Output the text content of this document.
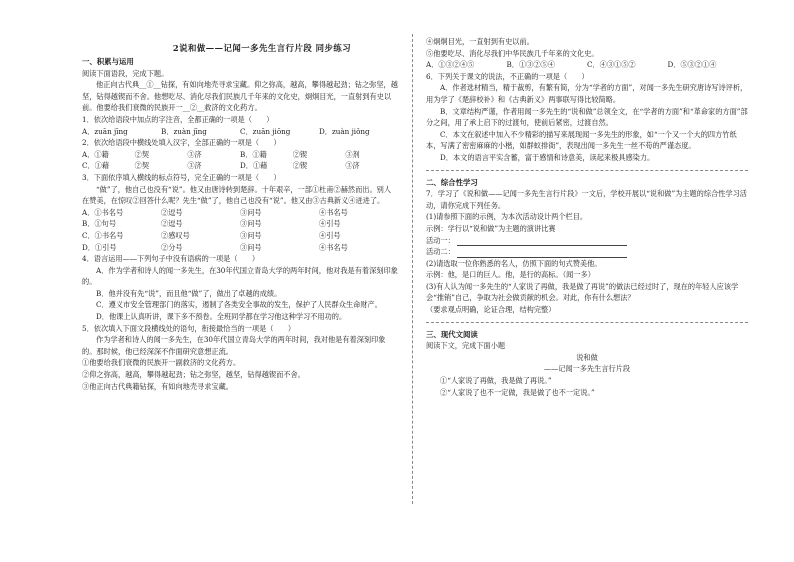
2说和做——记闻一多先生言行片段 同步练习

一、积累与运用

阅读下面语段，完成下题。

他正向古代典__①__钻探，有如向地壳寻求宝藏。仰之弥高，越高，攀得越起劲；钻之弥坚，越坚，钻得越锲而不舍。他想吃尽、消化尽我们民族几千年来的文化史，炯烔目光，一直射到有史以前。他要给我们衰微的民族开一__②__救济的文化药方。

1．依次给语段中加点的字注音，全都正确的一项是（　　）

A．zuān jīng	B．zuàn jīng	C．zuān jiōng	D．zuàn jiǒng

2．依次给语段中横线处填入汉字，全部正确的一项是（　　）

A．①籍	②契	③济	B．①籍	②锲	③剂
C．①藉	②契	③济	D．①藉	②锲	③济

3．下面依序填入横线的标点符号，完全正确的一项是（　　）

“做”了，他自己也没有“说”。他又由唐诗转到楚辞。十年艰辛，一部①杜甫②赫然而出。别人在赞美，在惊叹②回答什么呢？先生“做”了，他自己也没有“说”。他又由③古典新义④迸进了。

A．①书名号	②逗号	③问号	④书名号
B．①句号	②逗号	③问号	④引号
C．①书名号	②感叹号	③问号	④引号
D．①引号	②分号	③问号	④书名号

4．语言运用——下列句子中没有语病的一项是（　　）

A．作为学者和诗人的闻一多先生，在30年代国立青岛大学的两年时间，他对我是有着深刻印象的。

B．他并没有先“说”，而且他“做”了，做出了卓越的成绩。

C．遵义市安全管理部门的落实，遏制了各类安全事故的发生，保护了人民群众生命财产。

D．他课上认真听讲，课下多不预卷。全班同学都在学习他这种学习不用功的。

5．依次填入下面文段横线处的语句，衔接最恰当的一项是（　　）

作为学者和诗人的闻一多先生，在30年代国立青岛大学的两年时间，我对他是有着深刻印象的。那时候，他已经深深不作面研究意想正流。

①他要给我们衰微的民族开一副救济的文化药方。

②仰之弥高，越高，攀得越起劲；钻之弥坚，越坚，钻得越锲而不舍。

③他正向古代典籍钻探，有如向地壳寻求宝藏。

④炯烔目光，一直射到有史以前。

⑤他要吃尽、消化尽我们中华民族几千年来的文化史。

A．①③②④⑤	B．①③②⑤④	C．④③①⑤②	D．⑤③②①④

6．下列关于课文的说法，不正确的一项是（　　）

A．作者选材精当，精于裁剪，有繁有简，分为“学者的方面”，对闻一多先生研究唐诗写诗评析，用为学了《楚辞校补》和《古典新义》两事联写得比较简略。

B．文章结构严谨，作者用闻一多先生的“说和做”总领全文，在“学者的方面”和“革命家的方面”部分之间，用了承上启下的过渡句，使前后紧密，过渡自然。

C．本文在叙述中加入不少精彩的描写来展现闻一多先生的形象，如“一个又一个大的四方竹纸本，写满了密密麻麻的小楷，如群蚁排衙”，表现出闻一多先生一丝不苟的严谨态度。

D．本文的语言平实含蓄，富于感情和诗意美，读起来极具感染力。

二、综合性学习

7．学习了《说和做——记闻一多先生言行片段》一文后，学校开展以“说和做”为主题的综合性学习活动，请你完成下列任务。

(1)请参照下面的示例，为本次活动设计两个栏目。

示例：学行以“说和做”为主题的演讲比赛

活动一：

活动二：

(2)请选取一位你熟悉的名人，仿照下面的句式赞美他。

示例：他，是口的巨人。他，是行的高标。（闻一多）

(3)有人认为闻一多先生的“人家说了再做，我是做了再说”的做法已经过时了，现在的年轻人应该学会“推销”自己，争取为社会做贡献的机会。对此，你有什么想法？

（要求观点明确，论证合理，结构完整）

三、现代文阅读

阅读下文，完成下面小题

说和做

——记闻一多先生言行片段

①“人家说了再做，我是做了再说。”

②“人家说了也不一定做，我是做了也不一定说。”
